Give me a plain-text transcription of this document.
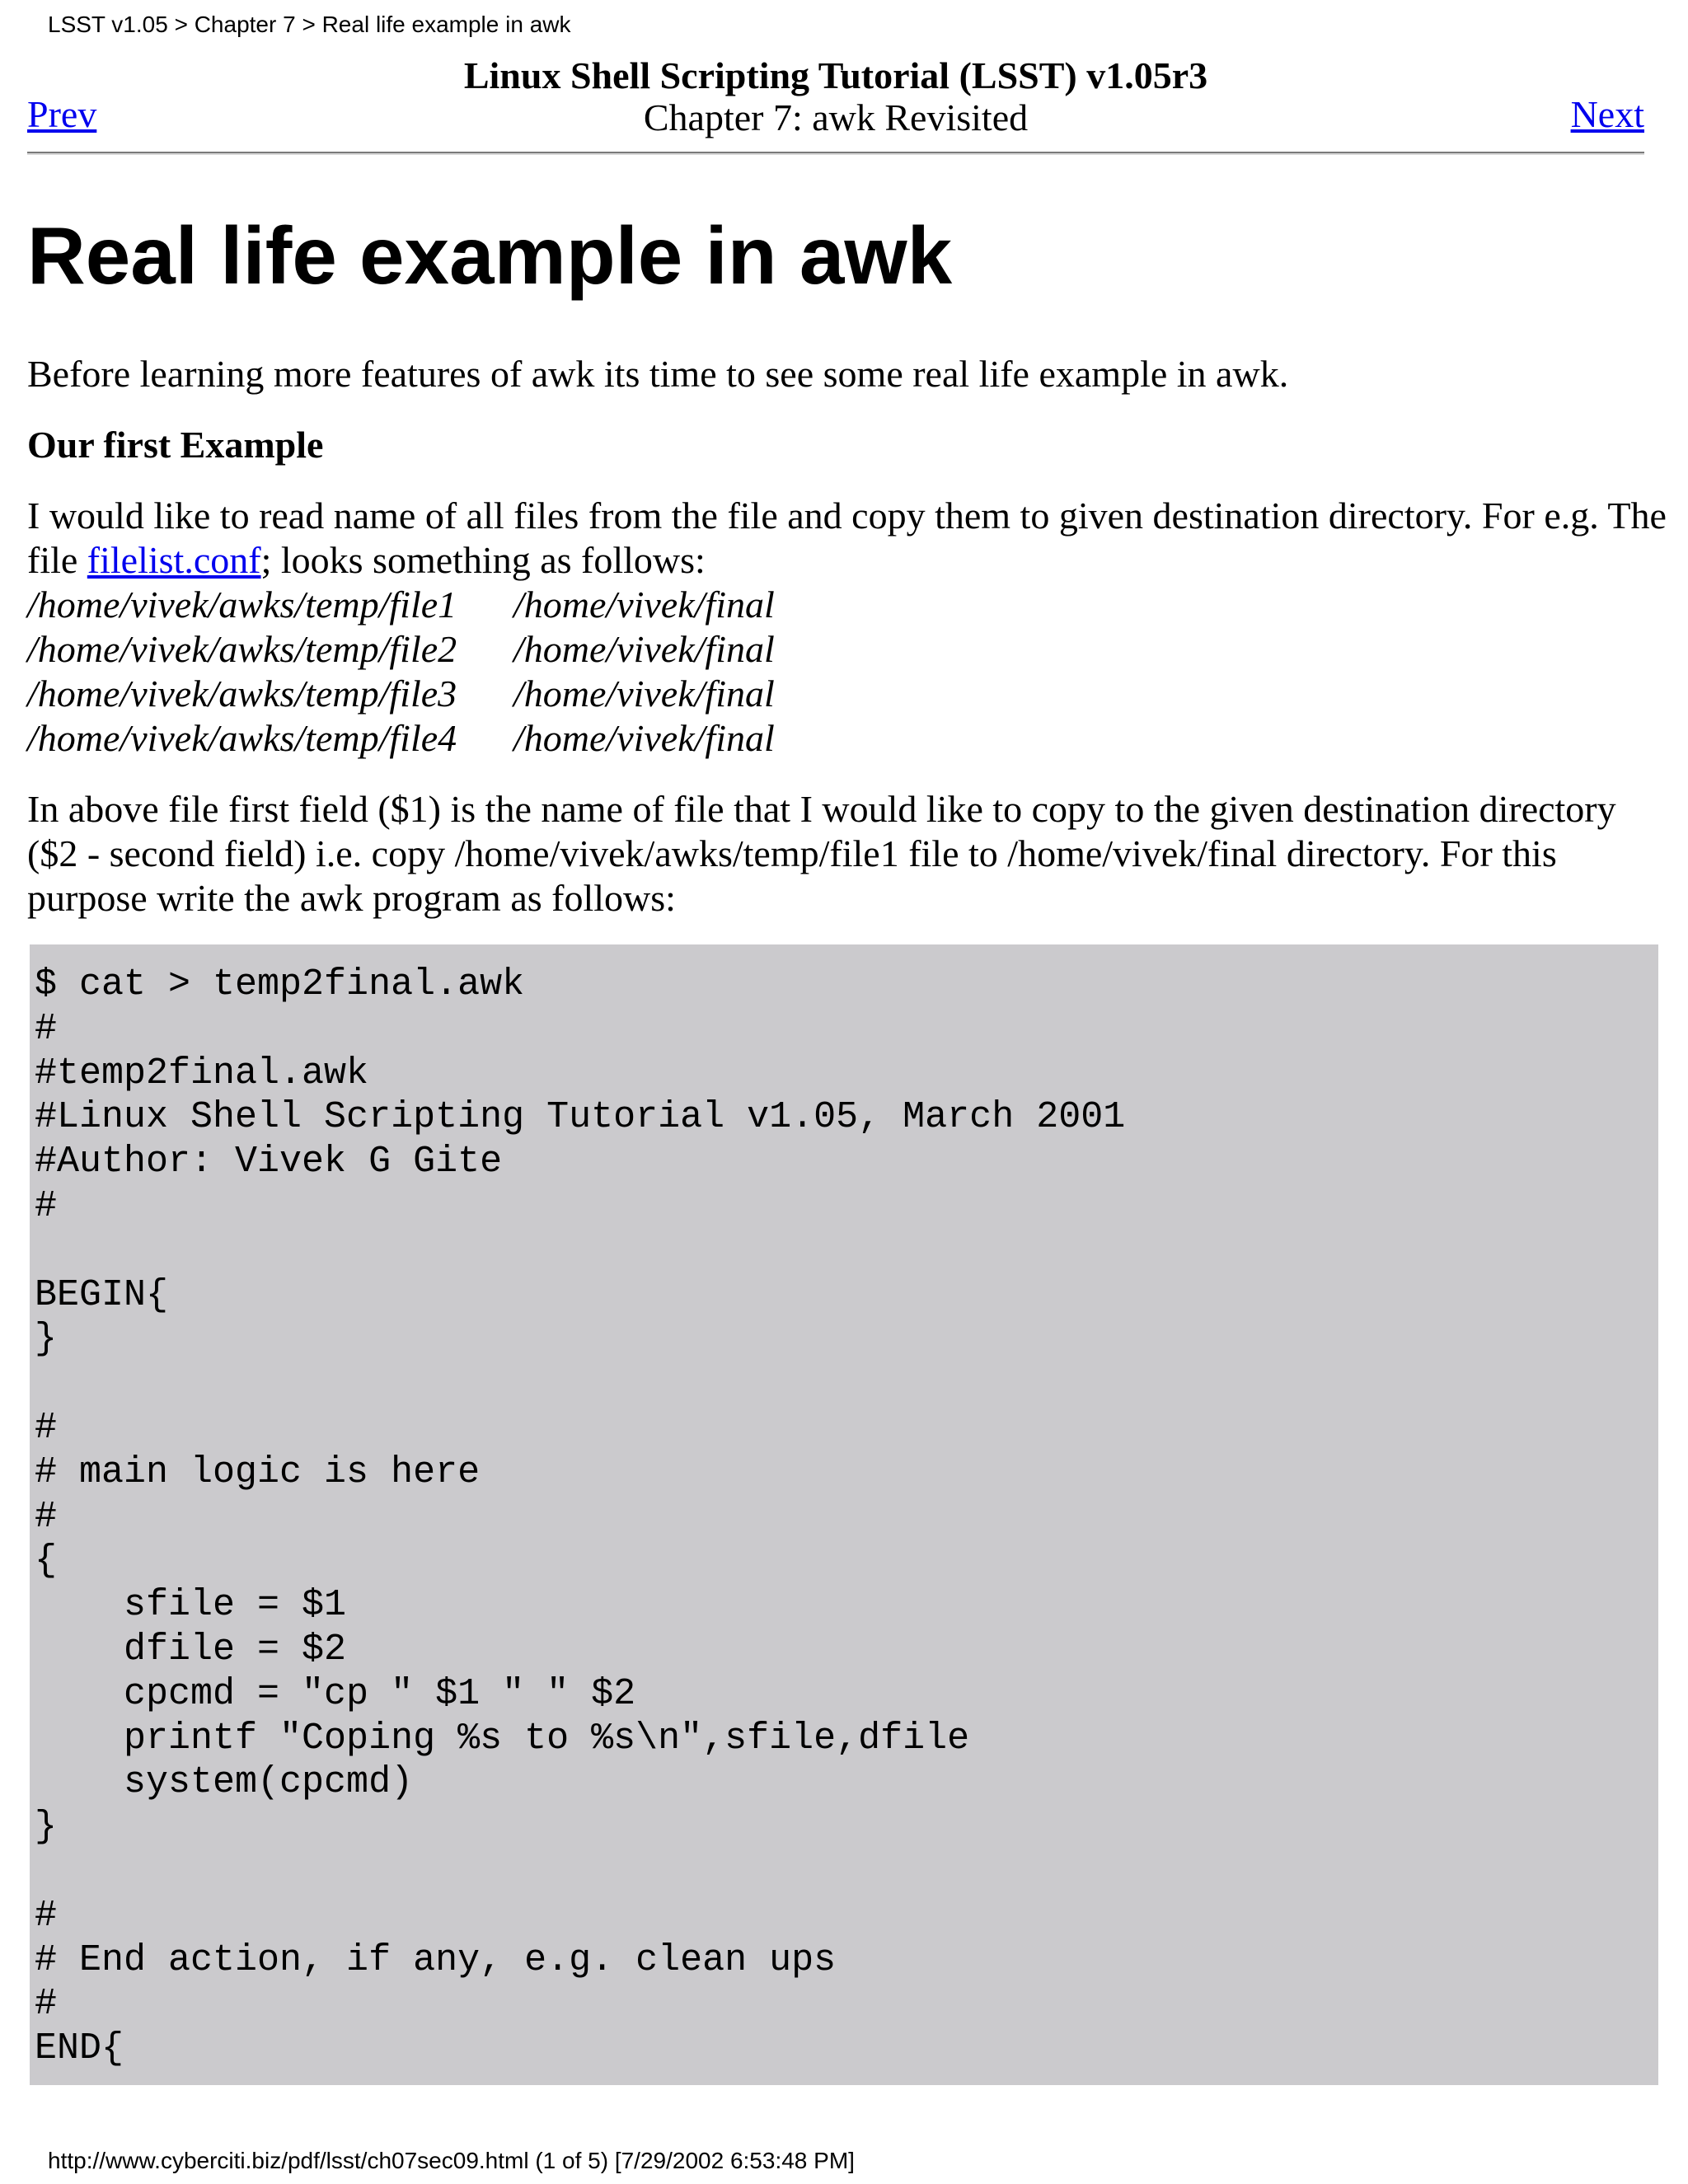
LSST v1.05 > Chapter 7 > Real life example in awk
Linux Shell Scripting Tutorial (LSST) v1.05r3
Chapter 7: awk Revisited
Prev	Next
Real life example in awk

Before learning more features of awk its time to see some real life example in awk.

Our first Example

I would like to read name of all files from the file and copy them to given destination directory. For e.g. The file filelist.conf; looks something as follows:

/home/vivek/awks/temp/file1	/home/vivek/final
/home/vivek/awks/temp/file2	/home/vivek/final
/home/vivek/awks/temp/file3	/home/vivek/final
/home/vivek/awks/temp/file4	/home/vivek/final

In above file first field ($1) is the name of file that I would like to copy to the given destination directory ($2 - second field) i.e. copy /home/vivek/awks/temp/file1 file to /home/vivek/final directory. For this purpose write the awk program as follows:

$ cat > temp2final.awk
#
#temp2final.awk
#Linux Shell Scripting Tutorial v1.05, March 2001
#Author: Vivek G Gite
#
BEGIN{
}
#
# main logic is here
#
{
sfile = $1
dfile = $2
cpcmd = "cp " $1 " " $2
printf "Coping %s to %s\n",sfile,dfile
system(cpcmd)
}
#
# End action, if any, e.g. clean ups
#
END{
http://www.cyberciti.biz/pdf/lsst/ch07sec09.html (1 of 5) [7/29/2002 6:53:48 PM]
